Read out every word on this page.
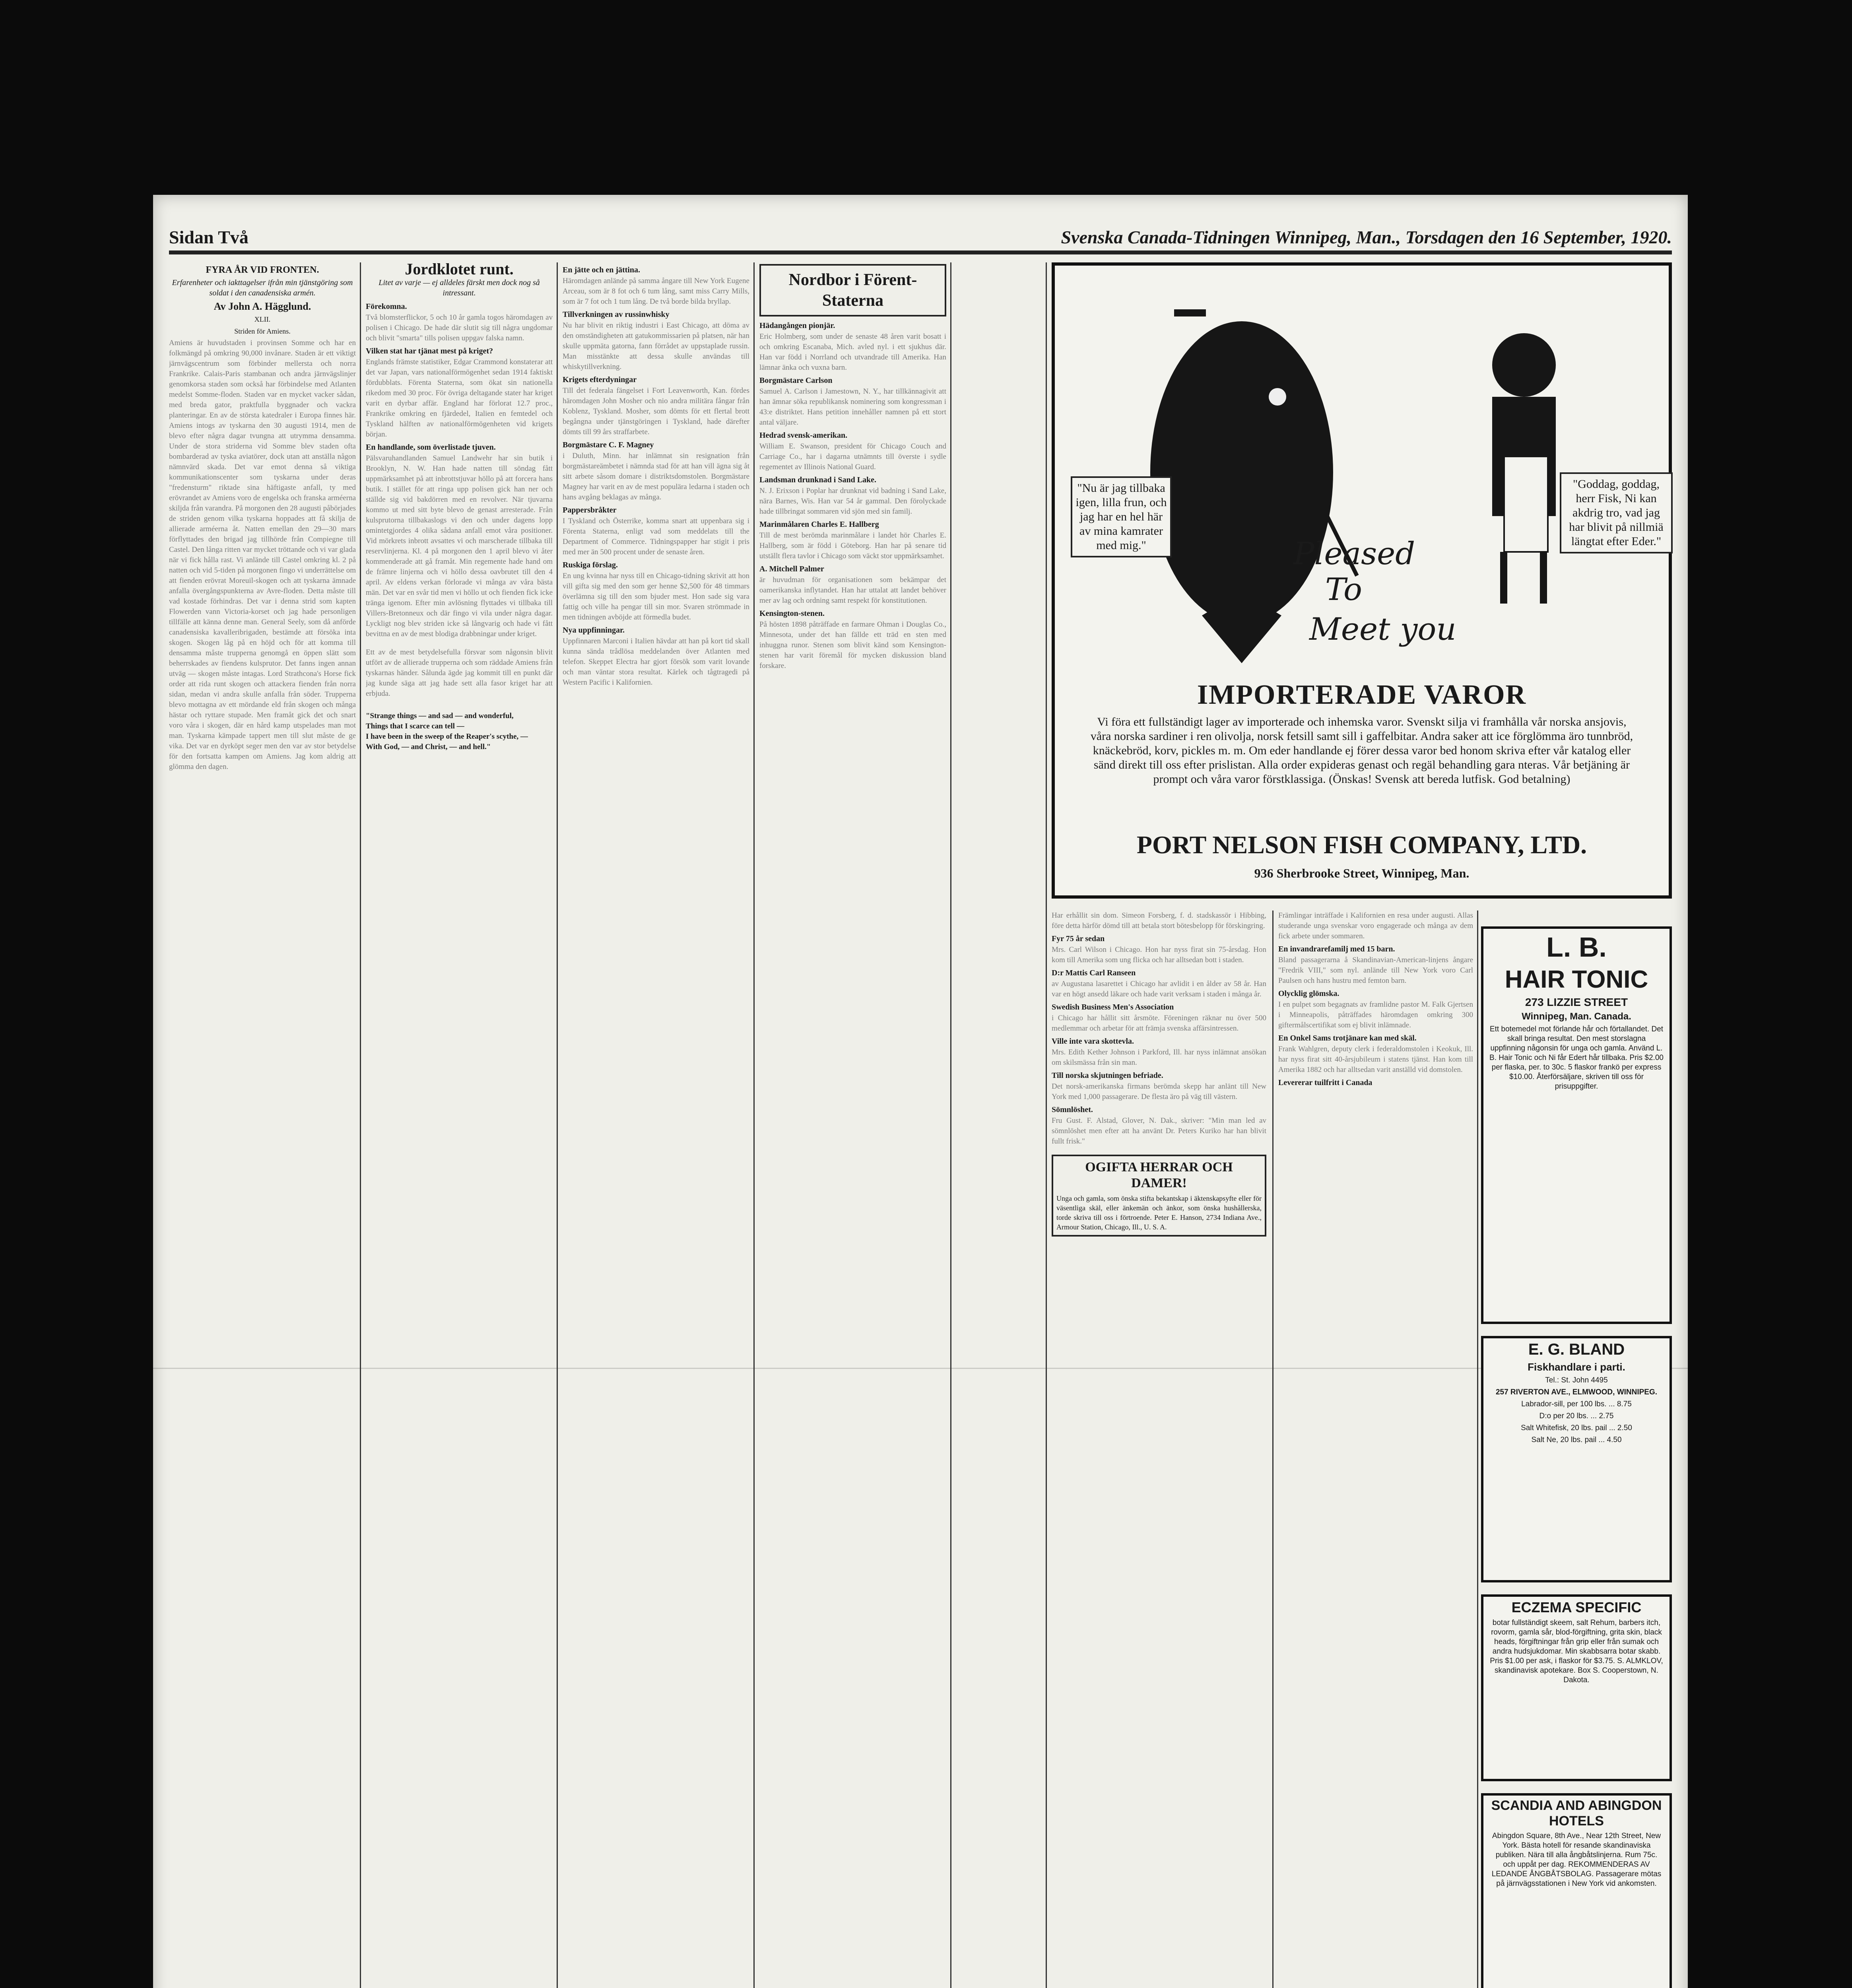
Sidan Två	Svenska Canada-Tidningen Winnipeg, Man., Torsdagen den 16 September, 1920.
FYRA ÅR VID FRONTEN.
Erfarenheter och iakttagelser ifrån min tjänstgöring som soldat i den canadensiska armén.
Av John A. Hägglund.
XLII.
Striden för Amiens.
Amiens är huvudstaden i provinsen Somme och har en folkmängd på omkring 90,000 invånare. Staden är ett viktigt järnvägscentrum som förbinder mellersta och norra Frankrike. Calais-Paris stambanan och andra järnvägslinjer genomkorsa staden som också har förbindelse med Atlanten medelst Somme-floden. Staden var en mycket vacker sådan, med breda gator, praktfulla byggnader och vackra planteringar. En av de största katedraler i Europa finnes här. Amiens intogs av tyskarna den 30 augusti 1914, men de blevo efter några dagar tvungna att utrymma densamma. Under de stora striderna vid Somme blev staden ofta bombarderad av tyska aviatörer, dock utan att anställa någon nämnvärd skada. Det var emot denna så viktiga kommunikationscenter som tyskarna under deras "fredensturm" riktade sina häftigaste anfall, ty med erövrandet av Amiens voro de engelska och franska arméerna skiljda från varandra. På morgonen den 28 augusti påbörjades de striden genom vilka tyskarna hoppades att få skilja de allierade arméerna åt. Natten emellan den 29—30 mars förflyttades den brigad jag tillhörde från Compiegne till Castel. Den långa ritten var mycket tröttande och vi var glada när vi fick hålla rast. Vi anlände till Castel omkring kl. 2 på natten och vid 5-tiden på morgonen fingo vi underrättelse om att fienden erövrat Moreuil-skogen och att tyskarna ämnade anfalla övergångspunkterna av Avre-floden. Detta måste till vad kostade förhindras. Det var i denna strid som kapten Flowerden vann Victoria-korset och jag hade personligen tillfälle att känna denne man. General Seely, som då anförde canadensiska kavalleribrigaden, bestämde att försöka inta skogen. Skogen låg på en höjd och för att komma till densamma måste trupperna genomgå en öppen slätt som beherrskades av fiendens kulsprutor. Det fanns ingen annan utväg — skogen måste intagas. Lord Strathcona's Horse fick order att rida runt skogen och attackera fienden från norra sidan, medan vi andra skulle anfalla från söder. Trupperna blevo mottagna av ett mördande eld från skogen och många hästar och ryttare stupade. Men framåt gick det och snart voro våra i skogen, där en hård kamp utspelades man mot man. Tyskarna kämpade tappert men till slut måste de ge vika. Det var en dyrköpt seger men den var av stor betydelse för den fortsatta kampen om Amiens. Jag kom aldrig att glömma den dagen.
Jordklotet runt.
Litet av varje — ej alldeles färskt men dock nog så intressant.
Förekomna.
Två blomsterflickor, 5 och 10 år gamla togos häromdagen av polisen i Chicago. De hade där slutit sig till några ungdomar och blivit "smarta" tills polisen uppgav falska namn.
Vilken stat har tjänat mest på kriget?
Englands främste statistiker, Edgar Crammond konstaterar att det var Japan, vars nationalförmögenhet sedan 1914 faktiskt fördubblats. Förenta Staterna, som ökat sin nationella rikedom med 30 proc. För övriga deltagande stater har kriget varit en dyrbar affär. England har förlorat 12.7 proc., Frankrike omkring en fjärdedel, Italien en femtedel och Tyskland hälften av nationalförmögenheten vid krigets början.
En handlande, som överlistade tjuven.
Pälsvaruhandlanden Samuel Landwehr har sin butik i Brooklyn, N. W. Han hade natten till söndag fått uppmärksamhet på att inbrottstjuvar höllo på att forcera hans butik. I stället för att ringa upp polisen gick han ner och ställde sig vid bakdörren med en revolver. När tjuvarna kommo ut med sitt byte blevo de genast arresterade. Från kulsprutorna tillbakaslogs vi den och under dagens lopp omintetgjordes 4 olika sådana anfall emot våra positioner. Vid mörkrets inbrott avsattes vi och marscherade tillbaka till reservlinjerna. Kl. 4 på morgonen den 1 april blevo vi åter kommenderade att gå framåt. Min regemente hade hand om de främre linjerna och vi höllo dessa oavbrutet till den 4 april. Av eldens verkan förlorade vi många av våra bästa män. Det var en svår tid men vi höllo ut och fienden fick icke tränga igenom. Efter min avlösning flyttades vi tillbaka till Villers-Bretonneux och där fingo vi vila under några dagar. Lyckligt nog blev striden icke så långvarig och hade vi fått bevittna en av de mest blodiga drabbningar under kriget.
Ett av de mest betydelsefulla försvar som någonsin blivit utfört av de allierade trupperna och som räddade Amiens från tyskarnas händer. Sålunda ägde jag kommit till en punkt där jag kunde säga att jag hade sett alla fasor kriget har att erbjuda.
"Strange things — and sad — and wonderful,
Things that I scarce can tell —
I have been in the sweep of the Reaper's scythe, —
With God, — and Christ, — and hell."
En jätte och en jättina.
Häromdagen anlände på samma ångare till New York Eugene Arceau, som är 8 fot och 6 tum lång, samt miss Carry Mills, som är 7 fot och 1 tum lång. De två borde bilda bryllap.
Tillverkningen av russinwhisky
Nu har blivit en riktig industri i East Chicago, att döma av den omständigheten att gatukommissarien på platsen, när han skulle uppmäta gatorna, fann förrådet av uppstaplade russin. Man misstänkte att dessa skulle användas till whiskytillverkning.
Krigets efterdyningar
Till det federala fängelset i Fort Leavenworth, Kan. fördes häromdagen John Mosher och nio andra militära fångar från Koblenz, Tyskland. Mosher, som dömts för ett flertal brott begångna under tjänstgöringen i Tyskland, hade därefter dömts till 99 års straffarbete.
Borgmästare C. F. Magney
i Duluth, Minn. har inlämnat sin resignation från borgmästareämbetet i nämnda stad för att han vill ägna sig åt sitt arbete såsom domare i distriktsdomstolen. Borgmästare Magney har varit en av de mest populära ledarna i staden och hans avgång beklagas av många.
Pappersbråkter
I Tyskland och Österrike, komma snart att uppenbara sig i Förenta Staterna, enligt vad som meddelats till the Department of Commerce. Tidningspapper har stigit i pris med mer än 500 procent under de senaste åren.
Ruskiga förslag.
En ung kvinna har nyss till en Chicago-tidning skrivit att hon vill gifta sig med den som ger henne $2,500 för 48 timmars överlämna sig till den som bjuder mest. Hon sade sig vara fattig och ville ha pengar till sin mor. Svaren strömmade in men tidningen avböjde att förmedla budet.
Nya uppfinningar.
Uppfinnaren Marconi i Italien hävdar att han på kort tid skall kunna sända trådlösa meddelanden över Atlanten med telefon. Skeppet Electra har gjort försök som varit lovande och man väntar stora resultat. Kärlek och tågtragedi på Western Pacific i Kalifornien.
Nordbor i Förent-Staterna
Hädangången pionjär.
Eric Holmberg, som under de senaste 48 åren varit bosatt i och omkring Escanaba, Mich. avled nyl. i ett sjukhus där. Han var född i Norrland och utvandrade till Amerika. Han lämnar änka och vuxna barn.
Borgmästare Carlson
Samuel A. Carlson i Jamestown, N. Y., har tillkännagivit att han ämnar söka republikansk nominering som kongressman i 43:e distriktet. Hans petition innehåller namnen på ett stort antal väljare.
Hedrad svensk-amerikan.
William E. Swanson, president för Chicago Couch and Carriage Co., har i dagarna utnämnts till överste i sydle regementet av Illinois National Guard.
Landsman drunknad i Sand Lake.
N. J. Erixson i Poplar har drunknat vid badning i Sand Lake, nära Barnes, Wis. Han var 54 år gammal. Den förolyckade hade tillbringat sommaren vid sjön med sin familj.
Marinmålaren Charles E. Hallberg
Till de mest berömda marinmålare i landet hör Charles E. Hallberg, som är född i Göteborg. Han har på senare tid utställt flera tavlor i Chicago som väckt stor uppmärksamhet.
A. Mitchell Palmer
är huvudman för organisationen som bekämpar det oamerikanska inflytandet. Han har uttalat att landet behöver mer av lag och ordning samt respekt för konstitutionen.
Kensington-stenen.
På hösten 1898 påträffade en farmare Ohman i Douglas Co., Minnesota, under det han fällde ett träd en sten med inhuggna runor. Stenen som blivit känd som Kensington-stenen har varit föremål för mycken diskussion bland forskare.
"Nu är jag tillbaka igen, lilla frun, och jag har en hel här av mina kamrater med mig."
"Goddag, goddag, herr Fisk, Ni kan akdrig tro, vad jag har blivit på nillmiä längtat efter Eder."
Pleased
To
Meet you
IMPORTERADE VAROR
Vi föra ett fullständigt lager av importerade och inhemska varor. Svenskt silja vi framhålla vår norska ansjovis, våra norska sardiner i ren olivolja, norsk fetsill samt sill i gaffelbitar. Andra saker att ice förglömma äro tunnbröd, knäckebröd, korv, pickles m. m. Om eder handlande ej förer dessa varor bed honom skriva efter vår katalog eller sänd direkt till oss efter prislistan. Alla order expideras genast och regäl behandling gara nteras. Vår betjäning är prompt och våra varor förstklassiga. (Önskas! Svensk att bereda lutfisk. God betalning)
PORT NELSON FISH COMPANY, LTD.
936 Sherbrooke Street, Winnipeg, Man.
Har erhållit sin dom. Simeon Forsberg, f. d. stadskassör i Hibbing, före detta härför dömd till att betala stort bötesbelopp för förskingring.
Fyr 75 år sedan
Mrs. Carl Wilson i Chicago. Hon har nyss firat sin 75-årsdag. Hon kom till Amerika som ung flicka och har alltsedan bott i staden.
D:r Mattis Carl Ranseen
av Augustana lasarettet i Chicago har avlidit i en ålder av 58 år. Han var en högt ansedd läkare och hade varit verksam i staden i många år.
Swedish Business Men's Association
i Chicago har hållit sitt årsmöte. Föreningen räknar nu över 500 medlemmar och arbetar för att främja svenska affärsintressen.
Ville inte vara skottevla.
Mrs. Edith Kether Johnson i Parkford, Ill. har nyss inlämnat ansökan om skilsmässa från sin man.
Till norska skjutningen befriade.
Det norsk-amerikanska firmans berömda skepp har anlänt till New York med 1,000 passagerare. De flesta äro på väg till västern.
Sömnlöshet.
Fru Gust. F. Alstad, Glover, N. Dak., skriver: "Min man led av sömnlöshet men efter att ha använt Dr. Peters Kuriko har han blivit fullt frisk."
OGIFTA HERRAR OCH DAMER!
Unga och gamla, som önska stifta bekantskap i äktenskapsyfte eller för väsentliga skäl, eller änkemän och änkor, som önska hushållerska, torde skriva till oss i förtroende. Peter E. Hanson, 2734 Indiana Ave., Armour Station, Chicago, Ill., U. S. A.
Främlingar inträffade i Kalifornien en resa under augusti. Allas studerande unga svenskar voro engagerade och många av dem fick arbete under sommaren.
En invandrarefamilj med 15 barn.
Bland passagerarna å Skandinavian-American-linjens ångare "Fredrik VIII," som nyl. anlände till New York voro Carl Paulsen och hans hustru med femton barn.
Olycklig glömska.
I en pulpet som begagnats av framlidne pastor M. Falk Gjertsen i Minneapolis, påträffades häromdagen omkring 300 giftermålscertifikat som ej blivit inlämnade.
En Onkel Sams trotjänare kan med skäl.
Frank Wahlgren, deputy clerk i federaldomstolen i Keokuk, Ill. har nyss firat sitt 40-årsjubileum i statens tjänst. Han kom till Amerika 1882 och har alltsedan varit anställd vid domstolen.
Levererar tuilfritt i Canada
L. B.
HAIR TONIC
273 LIZZIE STREET
Winnipeg, Man. Canada.

Ett botemedel mot förlande hår och förtallandet. Det skall bringa resultat. Den mest storslagna uppfinning någonsin för unga och gamla. Använd L. B. Hair Tonic och Ni får Edert hår tillbaka. Pris $2.00 per flaska, per. to 30c. 5 flaskor frankö per express $10.00. Återförsäljare, skriven till oss för prisuppgifter.

E. G. BLAND
Fiskhandlare i parti.

Tel.: St. John 4495

257 RIVERTON AVE., ELMWOOD, WINNIPEG.

Labrador-sill, per 100 lbs. ... 8.75

D:o per 20 lbs. ... 2.75

Salt Whitefisk, 20 lbs. pail ... 2.50

Salt Ne, 20 lbs. pail ... 4.50

ECZEMA SPECIFIC

botar fullständigt skeem, salt Rehum, barbers itch, rovorm, gamla sår, blod-förgiftning, grita skin, black heads, förgiftningar från grip eller från sumak och andra hudsjukdomar. Min skabbsarra botar skabb. Pris $1.00 per ask, i flaskor för $3.75. S. ALMKLOV, skandinavisk apotekare. Box S. Cooperstown, N. Dakota.

SCANDIA AND ABINGDON HOTELS

Abingdon Square, 8th Ave., Near 12th Street, New York. Bästa hotell för resande skandinaviska publiken. Nära till alla ångbåtslinjerna. Rum 75c. och uppåt per dag. REKOMMENDERAS AV LEDANDE ÅNGBÅTSBOLAG. Passagerare mötas på järnvägsstationen i New York vid ankomsten.
